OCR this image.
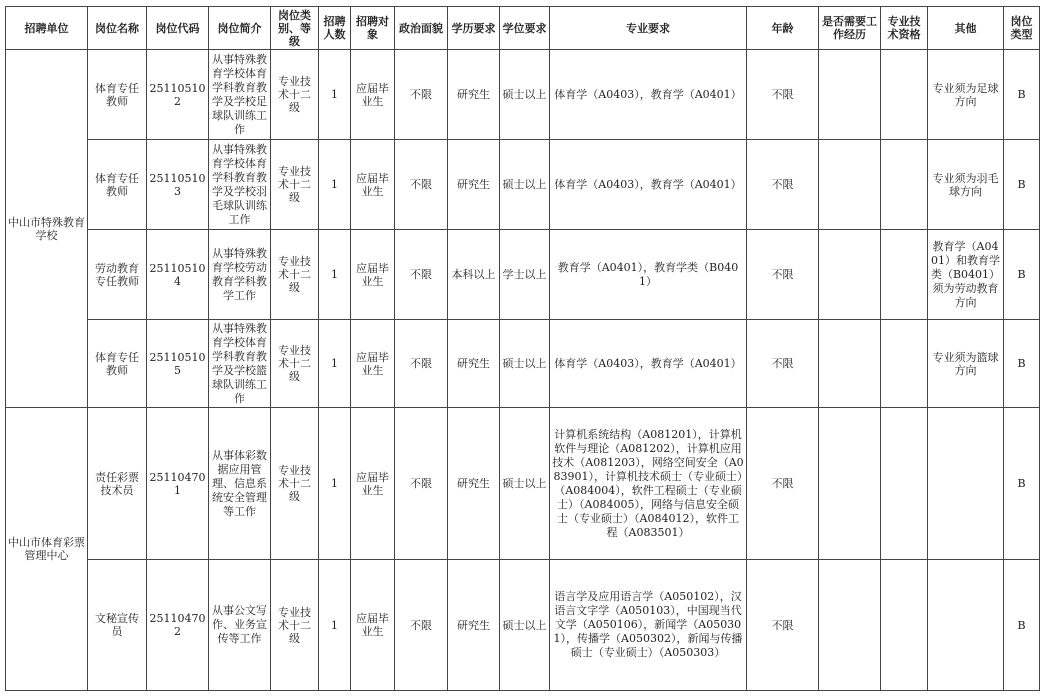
招聘单位	岗位名称	岗位代码	岗位简介	岗位类别、等级	招聘人数	招聘对象	政治面貌	学历要求	学位要求	专业要求	年龄	是否需要工作经历	专业技术资格	其他	岗位类型
中山市特殊教育学校	体育专任教师	251105102	从事特殊教育学校体育学科教育教学及学校足球队训练工作	专业技术十二级	1	应届毕业生	不限	研究生	硕士以上	体育学（A0403），教育学（A0401）	不限			专业须为足球方向	B
	体育专任教师	251105103	从事特殊教育学校体育学科教育教学及学校羽毛球队训练工作	专业技术十二级	1	应届毕业生	不限	研究生	硕士以上	体育学（A0403），教育学（A0401）	不限			专业须为羽毛球方向	B
	劳动教育专任教师	251105104	从事特殊教育学校劳动教育学科教学工作	专业技术十二级	1	应届毕业生	不限	本科以上	学士以上	教育学（A0401），教育学类（B0401）	不限			教育学（A0401）和教育学类（B0401）须为劳动教育方向	B
	体育专任教师	251105105	从事特殊教育学校体育学科教育教学及学校篮球队训练工作	专业技术十二级	1	应届毕业生	不限	研究生	硕士以上	体育学（A0403），教育学（A0401）	不限			专业须为篮球方向	B
中山市体育彩票管理中心	责任彩票技术员	251104701	从事体彩数据应用管理、信息系统安全管理等工作	专业技术十二级	1	应届毕业生	不限	研究生	硕士以上	计算机系统结构（A081201），计算机软件与理论（A081202），计算机应用技术（A081203），网络空间安全（A083901），计算机技术硕士（专业硕士）（A084004），软件工程硕士（专业硕士）（A084005），网络与信息安全硕士（专业硕士）（A084012），软件工程（A083501）	不限				B
	文秘宣传员	251104702	从事公文写作、业务宣传等工作	专业技术十二级	1	应届毕业生	不限	研究生	硕士以上	语言学及应用语言学（A050102），汉语言文字学（A050103），中国现当代文学（A050106），新闻学（A050301），传播学（A050302），新闻与传播硕士（专业硕士）（A050303）	不限				B
